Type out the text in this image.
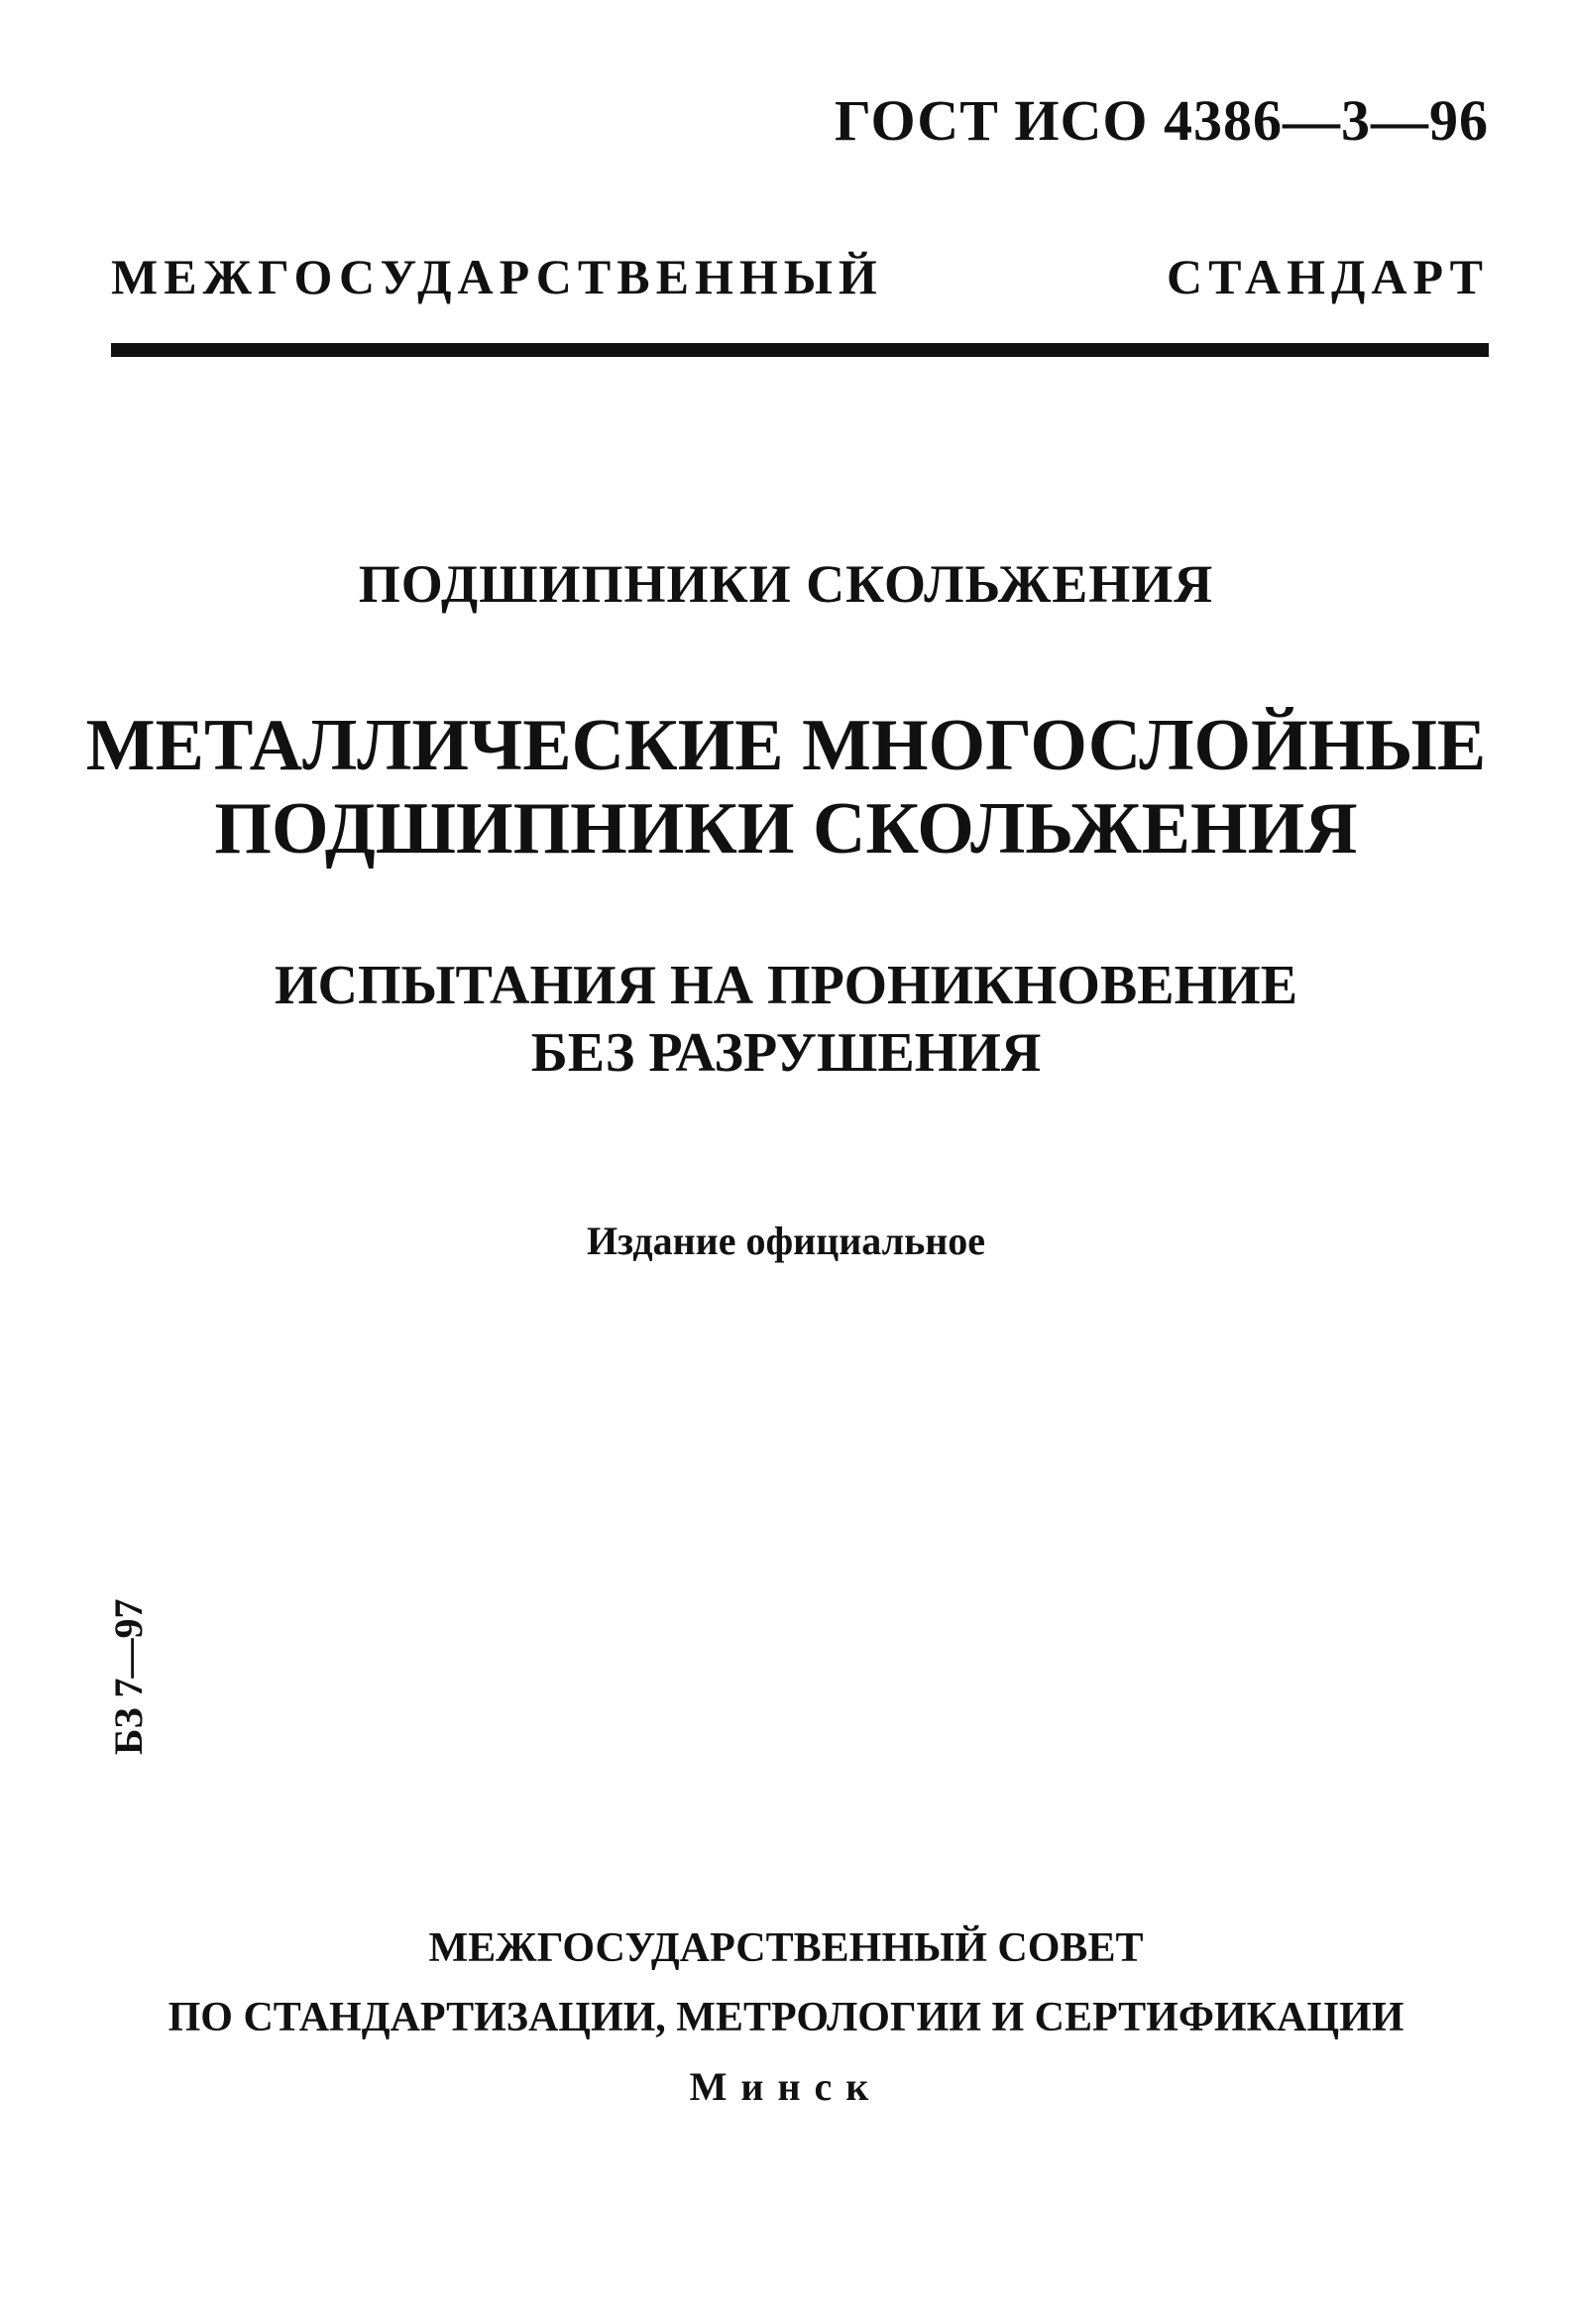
ГОСТ ИСО 4386—3—96
МЕЖГОСУДАРСТВЕННЫЙ СТАНДАРТ
ПОДШИПНИКИ СКОЛЬЖЕНИЯ
МЕТАЛЛИЧЕСКИЕ МНОГОСЛОЙНЫЕ
ПОДШИПНИКИ СКОЛЬЖЕНИЯ
ИСПЫТАНИЯ НА ПРОНИКНОВЕНИЕ
БЕЗ РАЗРУШЕНИЯ
Издание официальное
БЗ 7—97
МЕЖГОСУДАРСТВЕННЫЙ СОВЕТ
ПО СТАНДАРТИЗАЦИИ, МЕТРОЛОГИИ И СЕРТИФИКАЦИИ
Минск
